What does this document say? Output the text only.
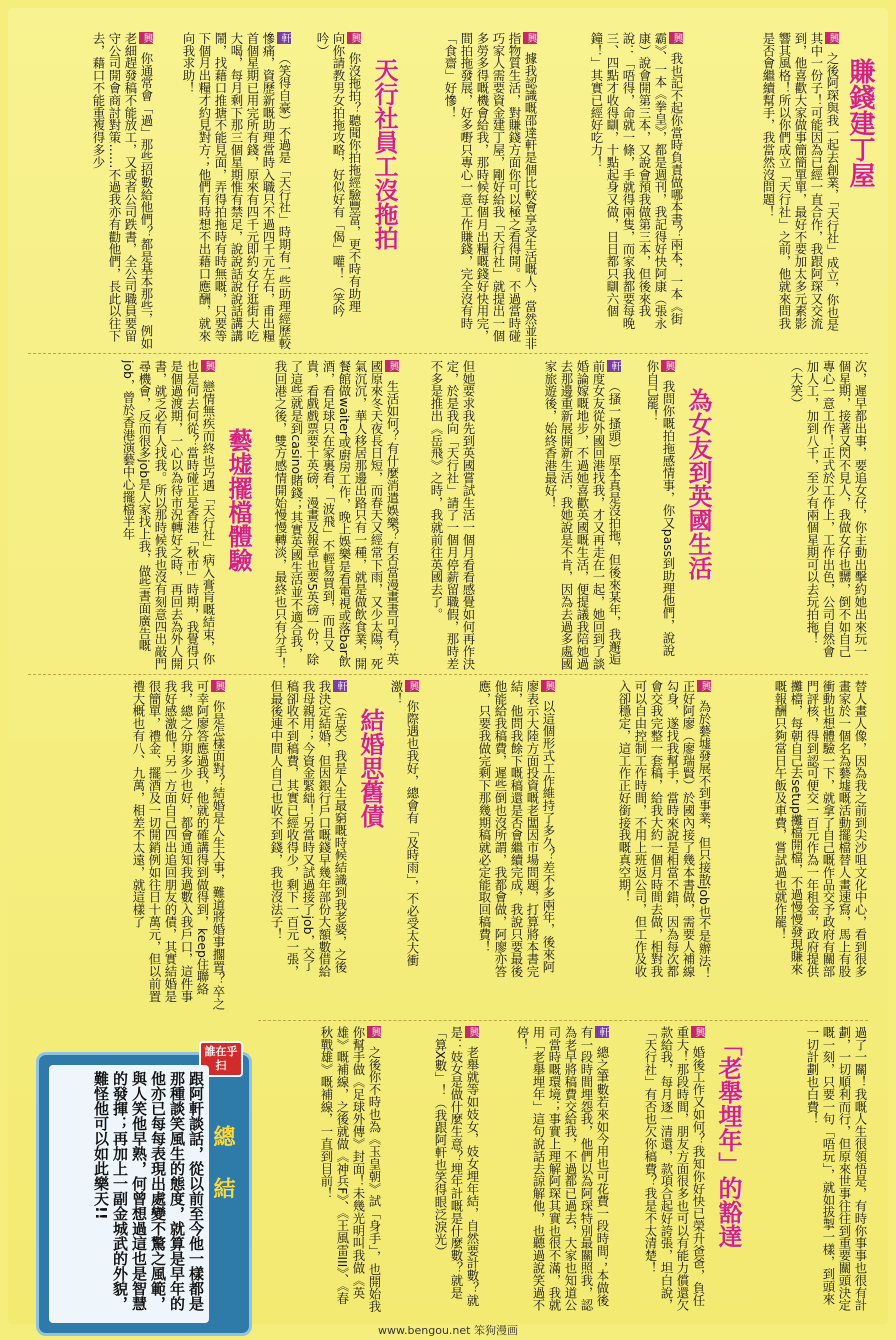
賺錢建丁屋
興 之後阿琛與我一起去創業，「天行社」成立，你也是其中一份子！可能因為已經一直合作，我跟阿琛又交流到，他喜歡大家做事簡簡單單，最好不要加太多元素影響其風格！所以你們成立「天行社」之前，他就來問我是否會繼續幫手，我當然沒問題！
興 我也記不起你當時負責做哪本書？兩本，一本《街霸》、一本《拳皇》，都是週刊，我記得好快阿康（張永康）說會開第三本，又說會預我做第三本，但後來我說：「唔得，命就一條，手就得兩隻，而家我都要每晚三、四點才收得瞓，十點起身又做，日日都只瞓六個鐘！」其實已經好吃力！
興 據我認識嘅邵達軒是個比較會享受生活嘅人，當然並非指物質生活，對賺錢方面你可以極之看得開。不過當時碰巧家人需要資金建丁屋，剛好給我「天行社」就提出一個多勞多得嘅機會給我，那時候每個月出糧嘅錢好快用完，間拍拖發展，好多嘢只專心一意工作賺錢，完全沒有時「食齋」好慘！
天行社員工沒拖拍
興 你沒拖拍？聽聞你拍拖經驗豐富，更不時有助理向你請教男女拍拖攻略，好似好有「偈」嚾！（笑吟吟）
軒 （笑得自豪）不過是「天行社」時期有一些助理經歷較慘痛，資歷新嘅助理當時入職只不過四千元左右，甫出糧首個星期已用完所有錢，原來有四千元即約女仔逛街大吃大喝，每月剩下那三個星期惟有禁足，說說話說說話講講鬧，找藉口推搪不能見面，弄得拍拖時有時無嘅，只要等下個月出糧才約見對方；他們有時想不出藉口應酬，就來向我求助！
興 你通常會「過」那些招數給他們？都是基本那些，例如老細趕發稿不能放工，又或者公司跌書，全公司職員要留守公司開會商討對策……不過我亦有勸他們，長此以往下去，藉口不能重複得多少
次，遲早都出事，要追女仔，你主動出擊約她出來玩一個星期，接著又閃不見人，我做女仔也嬲，倒不如自己專心一意工作！正式於工作上，工作出色，公司自然會加人工，加到八千，至少有兩個星期可以去玩拍拖！（大笑）
為女友到英國生活
興 我問你嘅拍拖感情事，你又pass到助理他們，說說你自己罷！
軒 （搔一搔頭）原本真是沒拍拖，但後來某年，我邂逅前度女友從外國回港找我，才又再走在一起，她回到了談婚論嫁嘅地步，不過她喜歡英國嘅生活，便提議我陪她過去那邊重新展開新生活，我她說是不肯，因為去過多處國家旅遊後，始終香港最好！
但她要求我先到英國嘗試生活一個月看看感覺如何再作決定，於是我向「天行社」請了一個月停薪留職假，那時差不多是推出《岳飛》之時，我就前往英國去了。
興 生活如何？有什麼消遣娛樂？有否當漫畫書可看？英國原來冬天夜長日短，而春天又經常下雨，又少太陽，死氣沉沉，華人移居那邊出路只有一種，就是做飲食業，開餐館做waiter或廚房工作，晚上娛樂是看電視或落bar飲酒，看足球只在家裏看，「波飛」不輕易買到，而且又貴，看戲戲票要十英磅，漫畫及報章也要5英磅一份，除了這些就是到casino賭錢；其實英國生活並不適合我，我回港之後，雙方感情開始慢慢轉淡，最終也只有分手！
藝墟擺檔體驗
興 戀情無疾而終也巧遇「天行社」病入膏肓嘅結束，你也是何去何從？當時碰正是香港「秋市」時期，我覺得只是個過渡期，一心以為待市況轉好之時，再回去為外人開書，就乏必有人找我。所以那時候我也沒有刻意四出敲門尋機會，反而很多job是人家找上我，做些書面廣告嘅job，曾於香港演藝中心擺檔半年
替人畫人像，因為我之前到尖沙咀文化中心，看到很多畫家於一個名為藝墟嘅活動擺檔替人畫速寫，馬上有股衝動也想體驗一下，就拿了自己嘅作品交予政府有關部門評核，得到認可便交一百元作為一年租金，政府提供攤檔，每朝自己去setup攤檔開檔，不過慢慢發現賺來嘅報酬只夠當日午飯及車費，嘗試過也就作罷！
興 為於藝墟發展不到事業，但只接散job也不是辦法！正好阿廖（廖瑞賢）於國內接了幾本書做，需要人補線勾身，遂找我幫手，當時來說是相當不錯，因為每次都會交我完整一套稿，給我大約一個月時間去做，相對我可以自由控制工作時間，不用上班返公司，但工作及收入卻穩定，這工作正好銜接我嘅真空期！
興 以這個形式工作維持了多久？差不多兩年，後來阿廖表示大陸方面投資嘅老闆因市場問題，打算將本書完結，他問我餘下嘅稿還是否會繼續完成，我說只要最後他能給我稿費，遲些倒也沒所謂，我都會做，阿廖亦答應，只要我做完剩下那幾期稿就必定能取回稿費！
興 你際遇也我好，總會有「及時雨」，不必受太大衝激！
結婚思舊債
軒 （苦笑）我是人生最窮嘅時候結識到我老婆，之後我決定結婚，但因銀行戶口嘅錢早幾年部份大額數借給我母親用；今資金緊絀！另當時又試過接了job，交了稿卻收不到稿費，其實已經收得少，剩下一百元一張，但最後連中間人自己也收不到錢，我也沒法子！
興 你是怎樣面對？結婚是人生大事，難道將婚事擱置？卒之可幸阿廖答應過我，他就的確講得到做得到，keep住聯絡我，總之分期多少也好，都會通知我過數入我戶口，這件事我好感激他！另一方面自己四出追回朋友的債，其實結婚是很簡單，禮金、擺酒及一切開銷例如往日十萬元，但以前置禮大概也有八、九萬，相差不太遠，就這樣了
過了一關！我嘅人生很領悟是，有時你事事也很有計劃，一切順利而行，但原來世事往往到重要關頭決定嘅一刻，只要一句「唔玩」，就如拔掣一樣，到頭來一切計劃也白費！
「老舉埋年」的豁達
興 婚後工作又如何？我知你好快已榮升爸爸，負任重大！那段時間，朋友方面很多也可以有能力償還欠款給我，每月逐一清還，款項合起好誇張，坦白說，「天行社」有否也欠你稿費？我是不太清楚！
軒 總之筆數若來如今用也可花費一段時間；本做後有一段時間埋怨我，他們以為阿琛特別最關照我，認為老早將稿費交給我，不過都已過去，大家也知道公司當時嘅環境；事實上理解阿琛其實也很不滿，我就用「老舉埋年」這句說話去諒解他，也聽過說笑過不停！
興 老舉就等如妓女，妓女埋年結，自然要計數？就是：妓女是做什麼生意？埋年計嘅是什麼數？就是「算X數」！（我跟阿軒也笑得眼泛淚光）
興 之後你不時也為《玉皇朝》試「身手」，也開始我你幫手做《足球外傳》封面！未幾光明叫我做《英雄》嘅補線，之後就做《神兵F》、《王風雷III》、《春秋戰雄》嘅補線，一直到目前！
誰在乎扫
總結
跟阿軒談話，從以前至今他一樣都是那種談笑風生的態度，就算是早年的他亦已每每表現出處變不驚之風範，與人笑他早熟，何曾想過這也是智慧的發揮；再加上一副金城武的外貌，難怪他可以如此樂天!!
www.bengou.net 笨狗漫画
